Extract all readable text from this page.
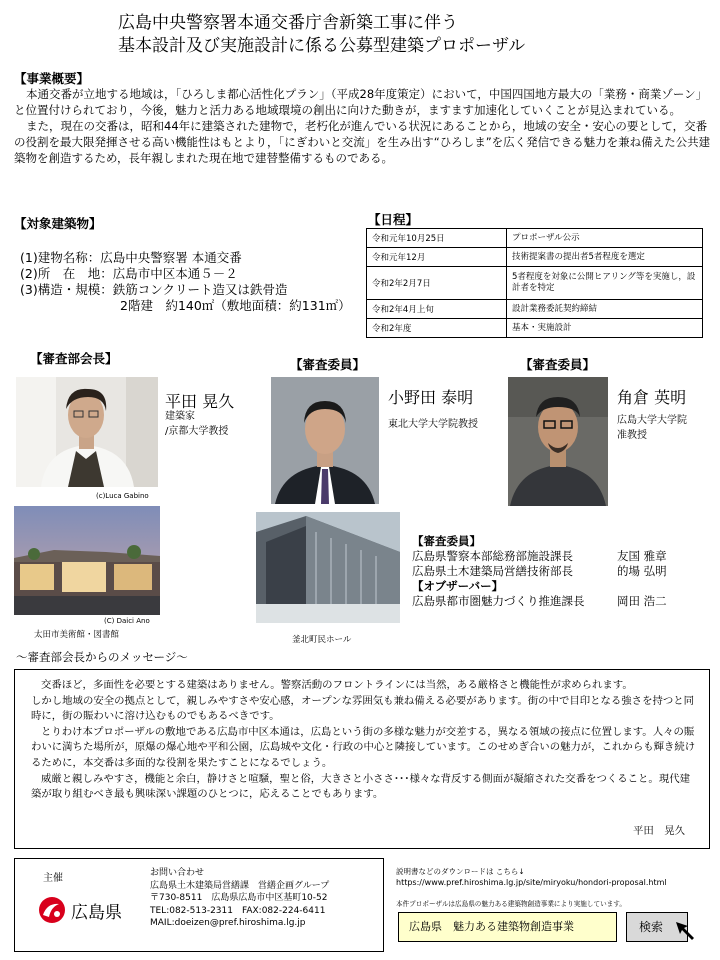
広島中央警察署本通交番庁舎新築工事に伴う
基本設計及び実施設計に係る公募型建築プロポーザル
【事業概要】
本通交番が立地する地域は，「ひろしま都心活性化プラン」（平成28年度策定）において，中国四国地方最大の「業務・商業ゾーン」と位置付けられており，今後，魅力と活力ある地域環境の創出に向けた動きが，ますます加速化していくことが見込まれている。
また，現在の交番は，昭和44年に建築された建物で，老朽化が進んでいる状況にあることから，地域の安全・安心の要として，交番の役割を最大限発揮させる高い機能性はもとより，「にぎわいと交流」を生み出す“ひろしま”を広く発信できる魅力を兼ね備えた公共建築物を創造するため，長年親しまれた現在地で建替整備するものである。
【対象建築物】
(1)建物名称：広島中央警察署 本通交番
(2)所　在　地：広島市中区本通５－２
(3)構造・規模：鉄筋コンクリート造又は鉄骨造
2階建　約140㎡（敷地面積：約131㎡）
【日程】
令和元年10月25日	プロポーザル公示
令和元年12月	技術提案書の提出者5者程度を選定
令和2年2月7日	5者程度を対象に公開ヒアリング等を実施し，設計者を特定
令和2年4月上旬	設計業務委託契約締結
令和2年度	基本・実施設計
【審査部会長】	【審査委員】	【審査委員】
(c)Luca Gabino
平田 晃久
建築家
/京都大学教授
小野田 泰明
東北大学大学院教授
角倉 英明
広島大学大学院
准教授
(C) Daici Ano
太田市美術館・図書館	釜北町民ホール
【審査委員】
広島県警察本部総務部施設課長	友国 雅章
広島県土木建築局営繕技術部長	的場 弘明
【オブザーバー】
広島県都市圏魅力づくり推進課長	岡田 浩二
～審査部会長からのメッセージ～
交番ほど，多面性を必要とする建築はありません。警察活動のフロントラインには当然，ある厳格さと機能性が求められます。
しかし地域の安全の拠点として，親しみやすさや安心感，オープンな雰囲気も兼ね備える必要があります。街の中で目印となる強さを持つと同時に，街の賑わいに溶け込むものでもあるべきです。
とりわけ本プロポーザルの敷地である広島市中区本通は，広島という街の多様な魅力が交差する，異なる領域の接点に位置します。人々の賑わいに満ちた場所が，原爆の爆心地や平和公園，広島城や文化・行政の中心と隣接しています。このせめぎ合いの魅力が，これからも輝き続けるために，本交番は多面的な役割を果たすことになるでしょう。
威厳と親しみやすさ，機能と余白，静けさと喧騒，聖と俗，大きさと小ささ･･･様々な背反する側面が凝縮された交番をつくること。現代建築が取り組むべき最も興味深い課題のひとつに，応えることでもあります。
平田　晃久
主催
広島県
お問い合わせ
広島県土木建築局営繕課　営繕企画グループ
〒730-8511　広島県広島市中区基町10-52
TEL:082-513-2311　FAX:082-224-6411
MAIL:doeizen@pref.hiroshima.lg.jp
説明書などのダウンロードは こちら↓
https://www.pref.hiroshima.lg.jp/site/miryoku/hondori-proposal.html
本件プロポーザルは広島県の魅力ある建築物創造事業により実施しています。
広島県　魅力ある建築物創造事業	検索
